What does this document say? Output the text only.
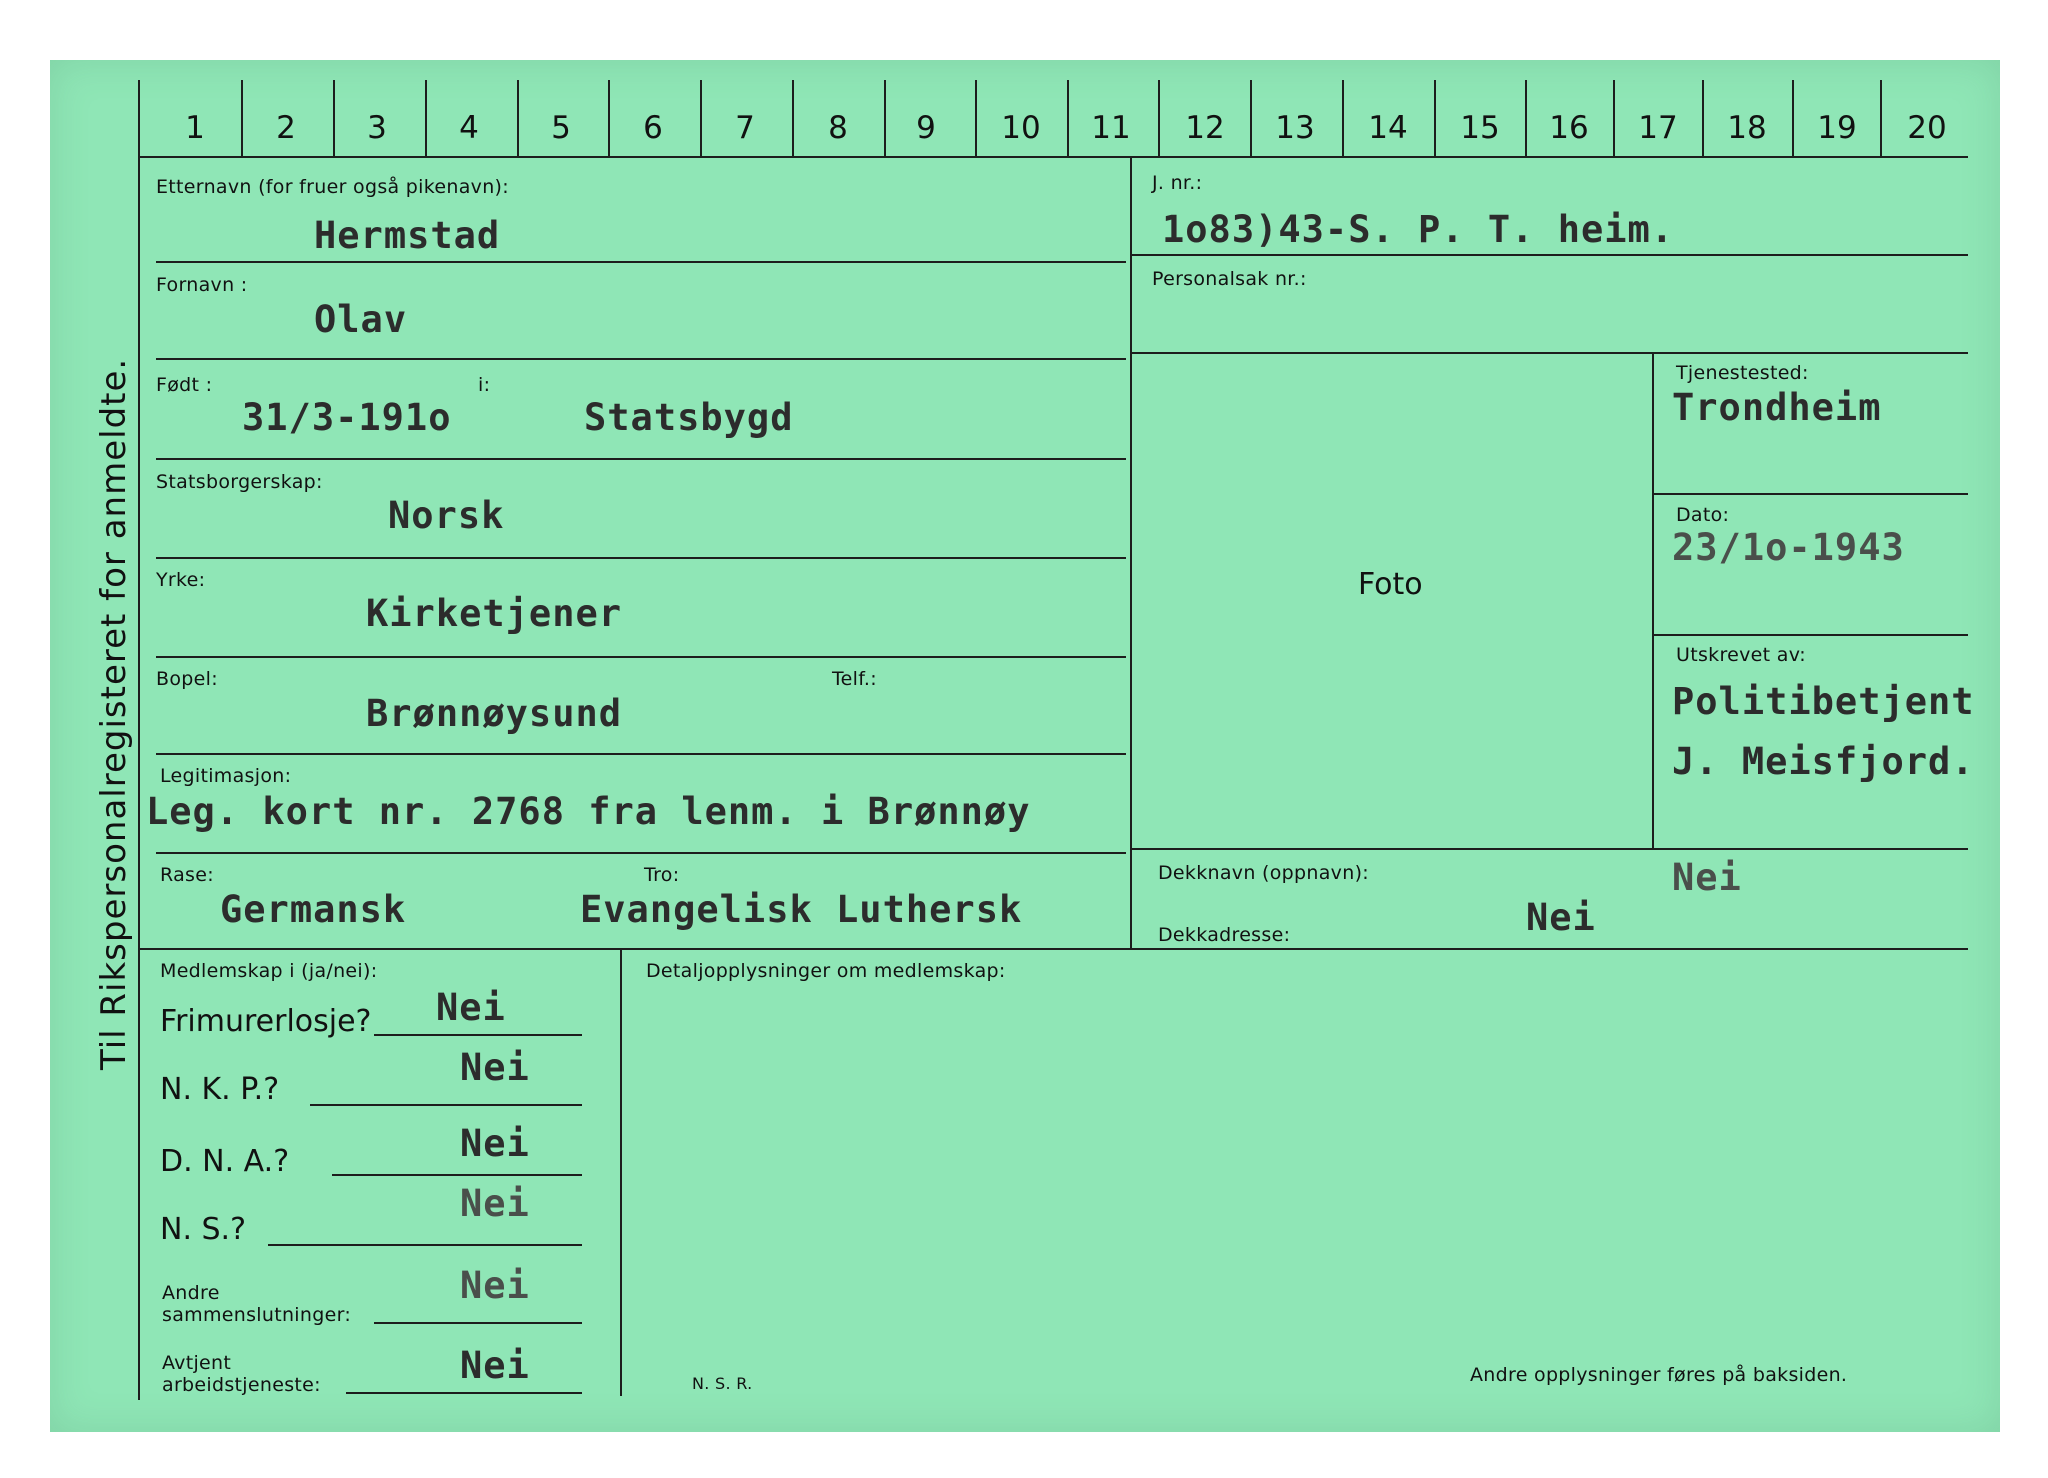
Til Rikspersonalregisteret for anmeldte.
1	2	3	4	5	6	7	8	9	10	11	12	13	14	15	16	17	18	19	20
Etternavn (for fruer også pikenavn):
Hermstad
Fornavn :
Olav
Født :	i:
31/3-191o	Statsbygd
Statsborgerskap:
Norsk
Yrke:
Kirketjener
Bopel:	Telf.:
Brønnøysund
Legitimasjon:
Leg. kort nr. 2768 fra lenm. i Brønnøy
Rase:	Tro:
Germansk	Evangelisk Luthersk
J. nr.:
1o83)43-S. P. T. heim.
Personalsak nr.:
Foto
Tjenestested:
Trondheim
Dato:
23/1o-1943
Utskrevet av:
Politibetjent
J. Meisfjord.
Dekknavn (oppnavn):	Nei
Dekkadresse:	Nei
Medlemskap i (ja/nei):	Detaljopplysninger om medlemskap:
Frimurerlosje? Nei
N. K. P.?
Nei
D. N. A.?	Nei
N. S.?
Nei
Andre
sammenslutninger:
Nei
Avtjent
arbeidstjeneste:	Nei	N. S. R.	Andre opplysninger føres på baksiden.
